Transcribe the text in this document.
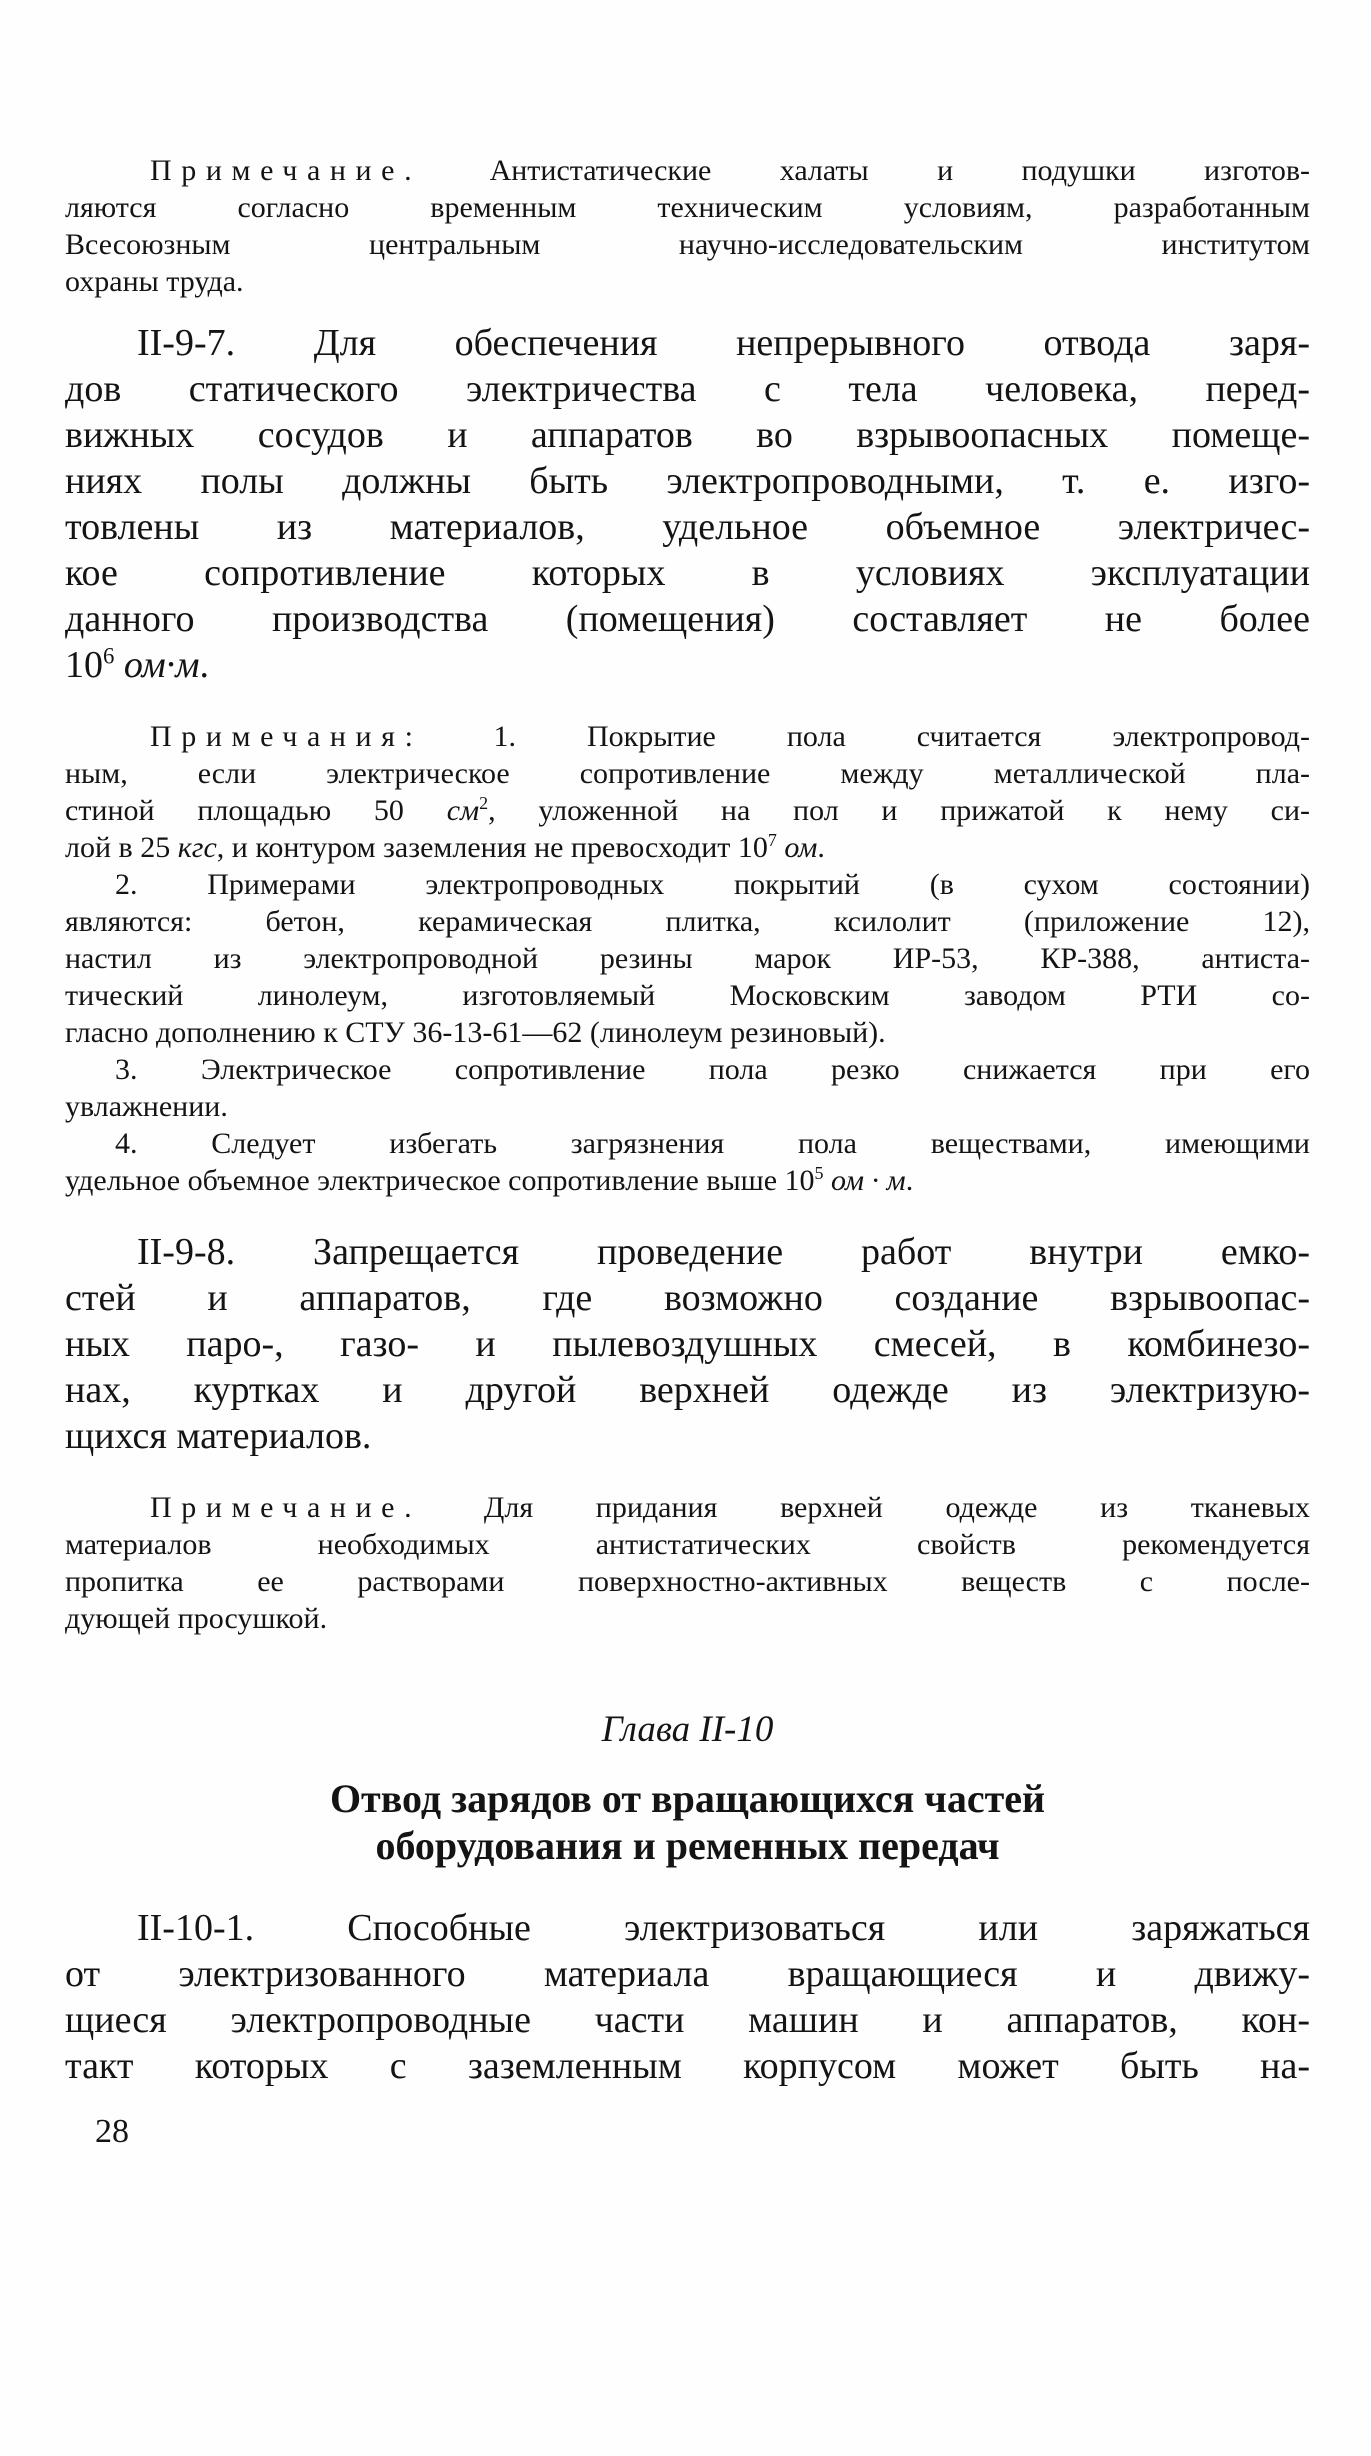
Примечание. Антистатические халаты и подушки изготов-
ляются согласно временным техническим условиям, разработанным
Всесоюзным центральным научно-исследовательским институтом
охраны труда.
II-9-7. Для обеспечения непрерывного отвода заря-
дов статического электричества с тела человека, перед-
вижных сосудов и аппаратов во взрывоопасных помеще-
ниях полы должны быть электропроводными, т. е. изго-
товлены из материалов, удельное объемное электричес-
кое сопротивление которых в условиях эксплуатации
данного производства (помещения) составляет не более
$10^6$ ом·м.
Примечания: 1. Покрытие пола считается электропровод-
ным, если электрическое сопротивление между металлической пла-
стиной площадью 50 $см^2$, уложенной на пол и прижатой к нему си-
лой в 25 кгс, и контуром заземления не превосходит $10^7$ ом.
2. Примерами электропроводных покрытий (в сухом состоянии)
являются: бетон, керамическая плитка, ксилолит (приложение 12),
настил из электропроводной резины марок ИР-53, КР-388, антиста-
тический линолеум, изготовляемый Московским заводом РТИ со-
гласно дополнению к СТУ 36-13-61—62 (линолеум резиновый).
3. Электрическое сопротивление пола резко снижается при его
увлажнении.
4. Следует избегать загрязнения пола веществами, имеющими
удельное объемное электрическое сопротивление выше $10^5$ ом · м.
II-9-8. Запрещается проведение работ внутри емко-
стей и аппаратов, где возможно создание взрывоопас-
ных паро-, газо- и пылевоздушных смесей, в комбинезо-
нах, куртках и другой верхней одежде из электризую-
щихся материалов.
Примечание. Для придания верхней одежде из тканевых
материалов необходимых антистатических свойств рекомендуется
пропитка ее растворами поверхностно-активных веществ с после-
дующей просушкой.
Глава II-10
Отвод зарядов от вращающихся частей
оборудования и ременных передач
II-10-1. Способные электризоваться или заряжаться
от электризованного материала вращающиеся и движу-
щиеся электропроводные части машин и аппаратов, кон-
такт которых с заземленным корпусом может быть на-
28
